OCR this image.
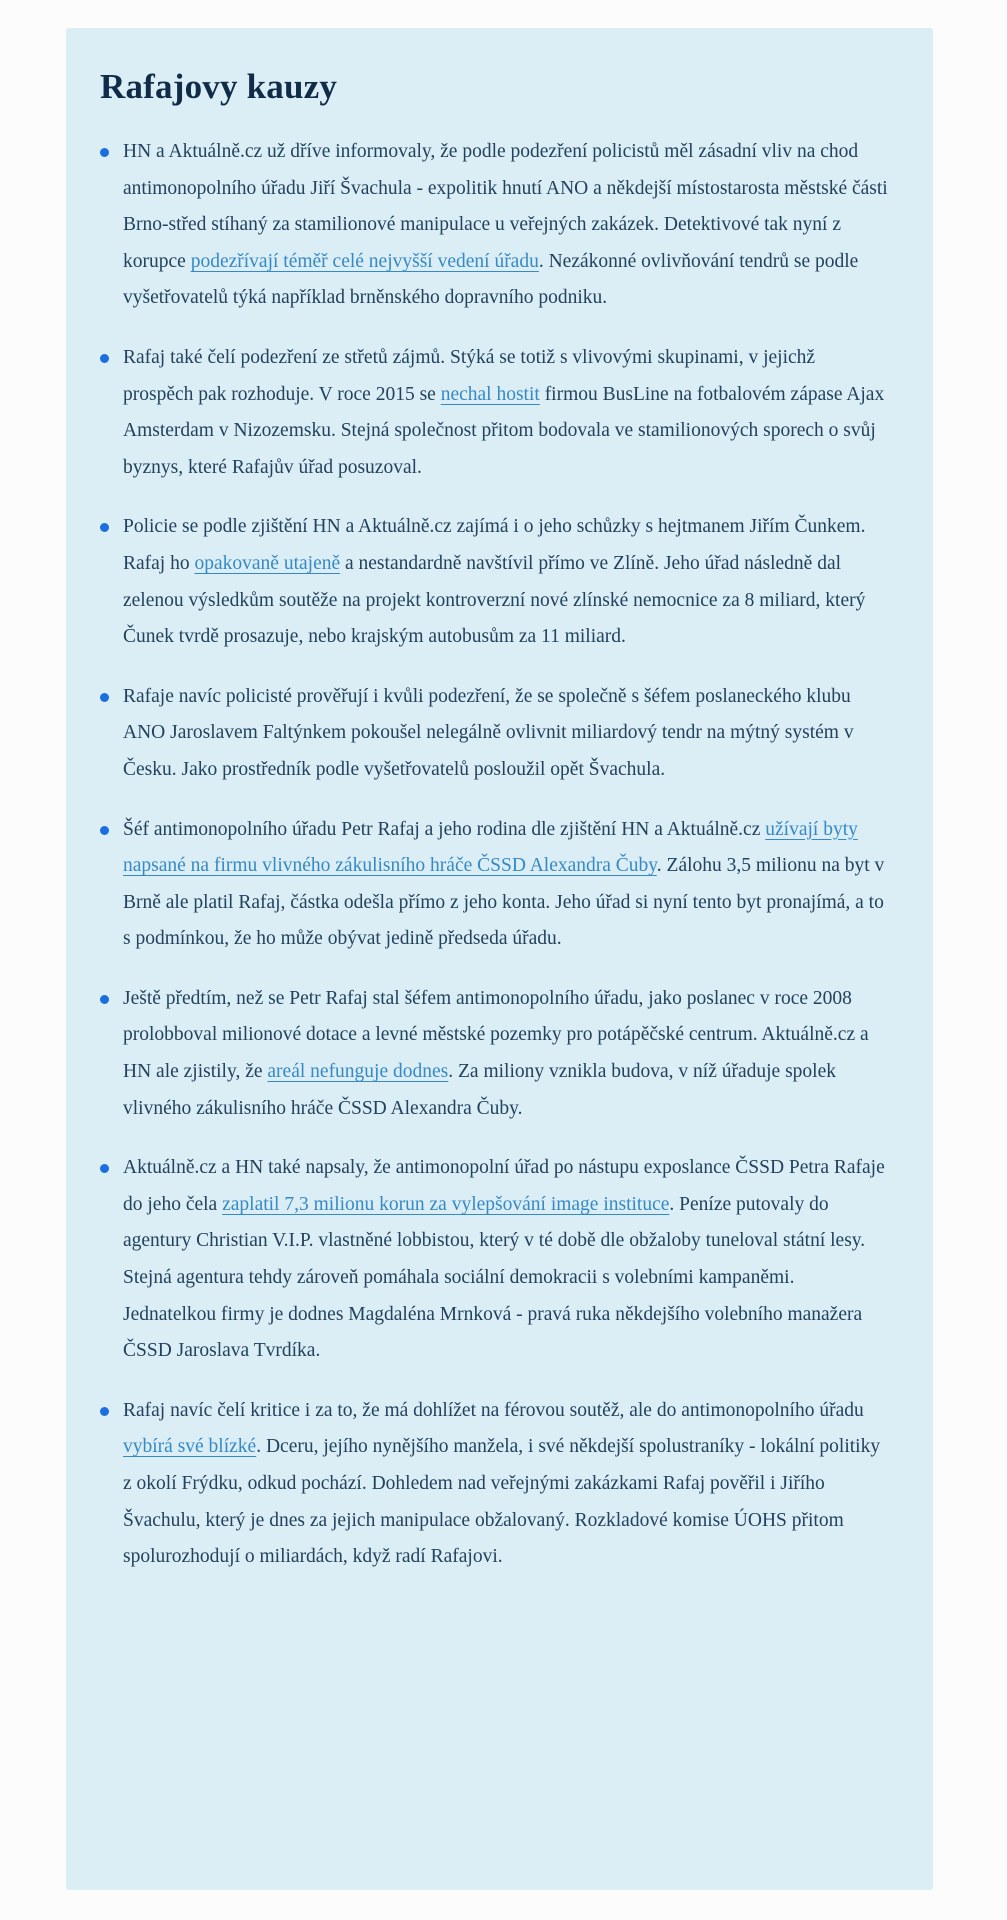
Rafajovy kauzy
HN a Aktuálně.cz už dříve informovaly, že podle podezření policistů měl zásadní vliv na chod antimonopolního úřadu Jiří Švachula - expolitik hnutí ANO a někdejší místostarosta městské části Brno-střed stíhaný za stamilionové manipulace u veřejných zakázek. Detektivové tak nyní z korupce podezřívají téměř celé nejvyšší vedení úřadu. Nezákonné ovlivňování tendrů se podle vyšetřovatelů týká například brněnského dopravního podniku.
Rafaj také čelí podezření ze střetů zájmů. Stýká se totiž s vlivovými skupinami, v jejichž prospěch pak rozhoduje. V roce 2015 se nechal hostit firmou BusLine na fotbalovém zápase Ajax Amsterdam v Nizozemsku. Stejná společnost přitom bodovala ve stamilionových sporech o svůj byznys, které Rafajův úřad posuzoval.
Policie se podle zjištění HN a Aktuálně.cz zajímá i o jeho schůzky s hejtmanem Jiřím Čunkem. Rafaj ho opakovaně utajeně a nestandardně navštívil přímo ve Zlíně. Jeho úřad následně dal zelenou výsledkům soutěže na projekt kontroverzní nové zlínské nemocnice za 8 miliard, který Čunek tvrdě prosazuje, nebo krajským autobusům za 11 miliard.
Rafaje navíc policisté prověřují i kvůli podezření, že se společně s šéfem poslaneckého klubu ANO Jaroslavem Faltýnkem pokoušel nelegálně ovlivnit miliardový tendr na mýtný systém v Česku. Jako prostředník podle vyšetřovatelů posloužil opět Švachula.
Šéf antimonopolního úřadu Petr Rafaj a jeho rodina dle zjištění HN a Aktuálně.cz užívají byty napsané na firmu vlivného zákulisního hráče ČSSD Alexandra Čuby. Zálohu 3,5 milionu na byt v Brně ale platil Rafaj, částka odešla přímo z jeho konta. Jeho úřad si nyní tento byt pronajímá, a to s podmínkou, že ho může obývat jedině předseda úřadu.
Ještě předtím, než se Petr Rafaj stal šéfem antimonopolního úřadu, jako poslanec v roce 2008 prolobboval milionové dotace a levné městské pozemky pro potápěčské centrum. Aktuálně.cz a HN ale zjistily, že areál nefunguje dodnes. Za miliony vznikla budova, v níž úřaduje spolek vlivného zákulisního hráče ČSSD Alexandra Čuby.
Aktuálně.cz a HN také napsaly, že antimonopolní úřad po nástupu exposlance ČSSD Petra Rafaje do jeho čela zaplatil 7,3 milionu korun za vylepšování image instituce. Peníze putovaly do agentury Christian V.I.P. vlastněné lobbistou, který v té době dle obžaloby tuneloval státní lesy. Stejná agentura tehdy zároveň pomáhala sociální demokracii s volebními kampaněmi. Jednatelkou firmy je dodnes Magdaléna Mrnková - pravá ruka někdejšího volebního manažera ČSSD Jaroslava Tvrdíka.
Rafaj navíc čelí kritice i za to, že má dohlížet na férovou soutěž, ale do antimonopolního úřadu vybírá své blízké. Dceru, jejího nynějšího manžela, i své někdejší spolustraníky - lokální politiky z okolí Frýdku, odkud pochází. Dohledem nad veřejnými zakázkami Rafaj pověřil i Jiřího Švachulu, který je dnes za jejich manipulace obžalovaný. Rozkladové komise ÚOHS přitom spolurozhodují o miliardách, když radí Rafajovi.
